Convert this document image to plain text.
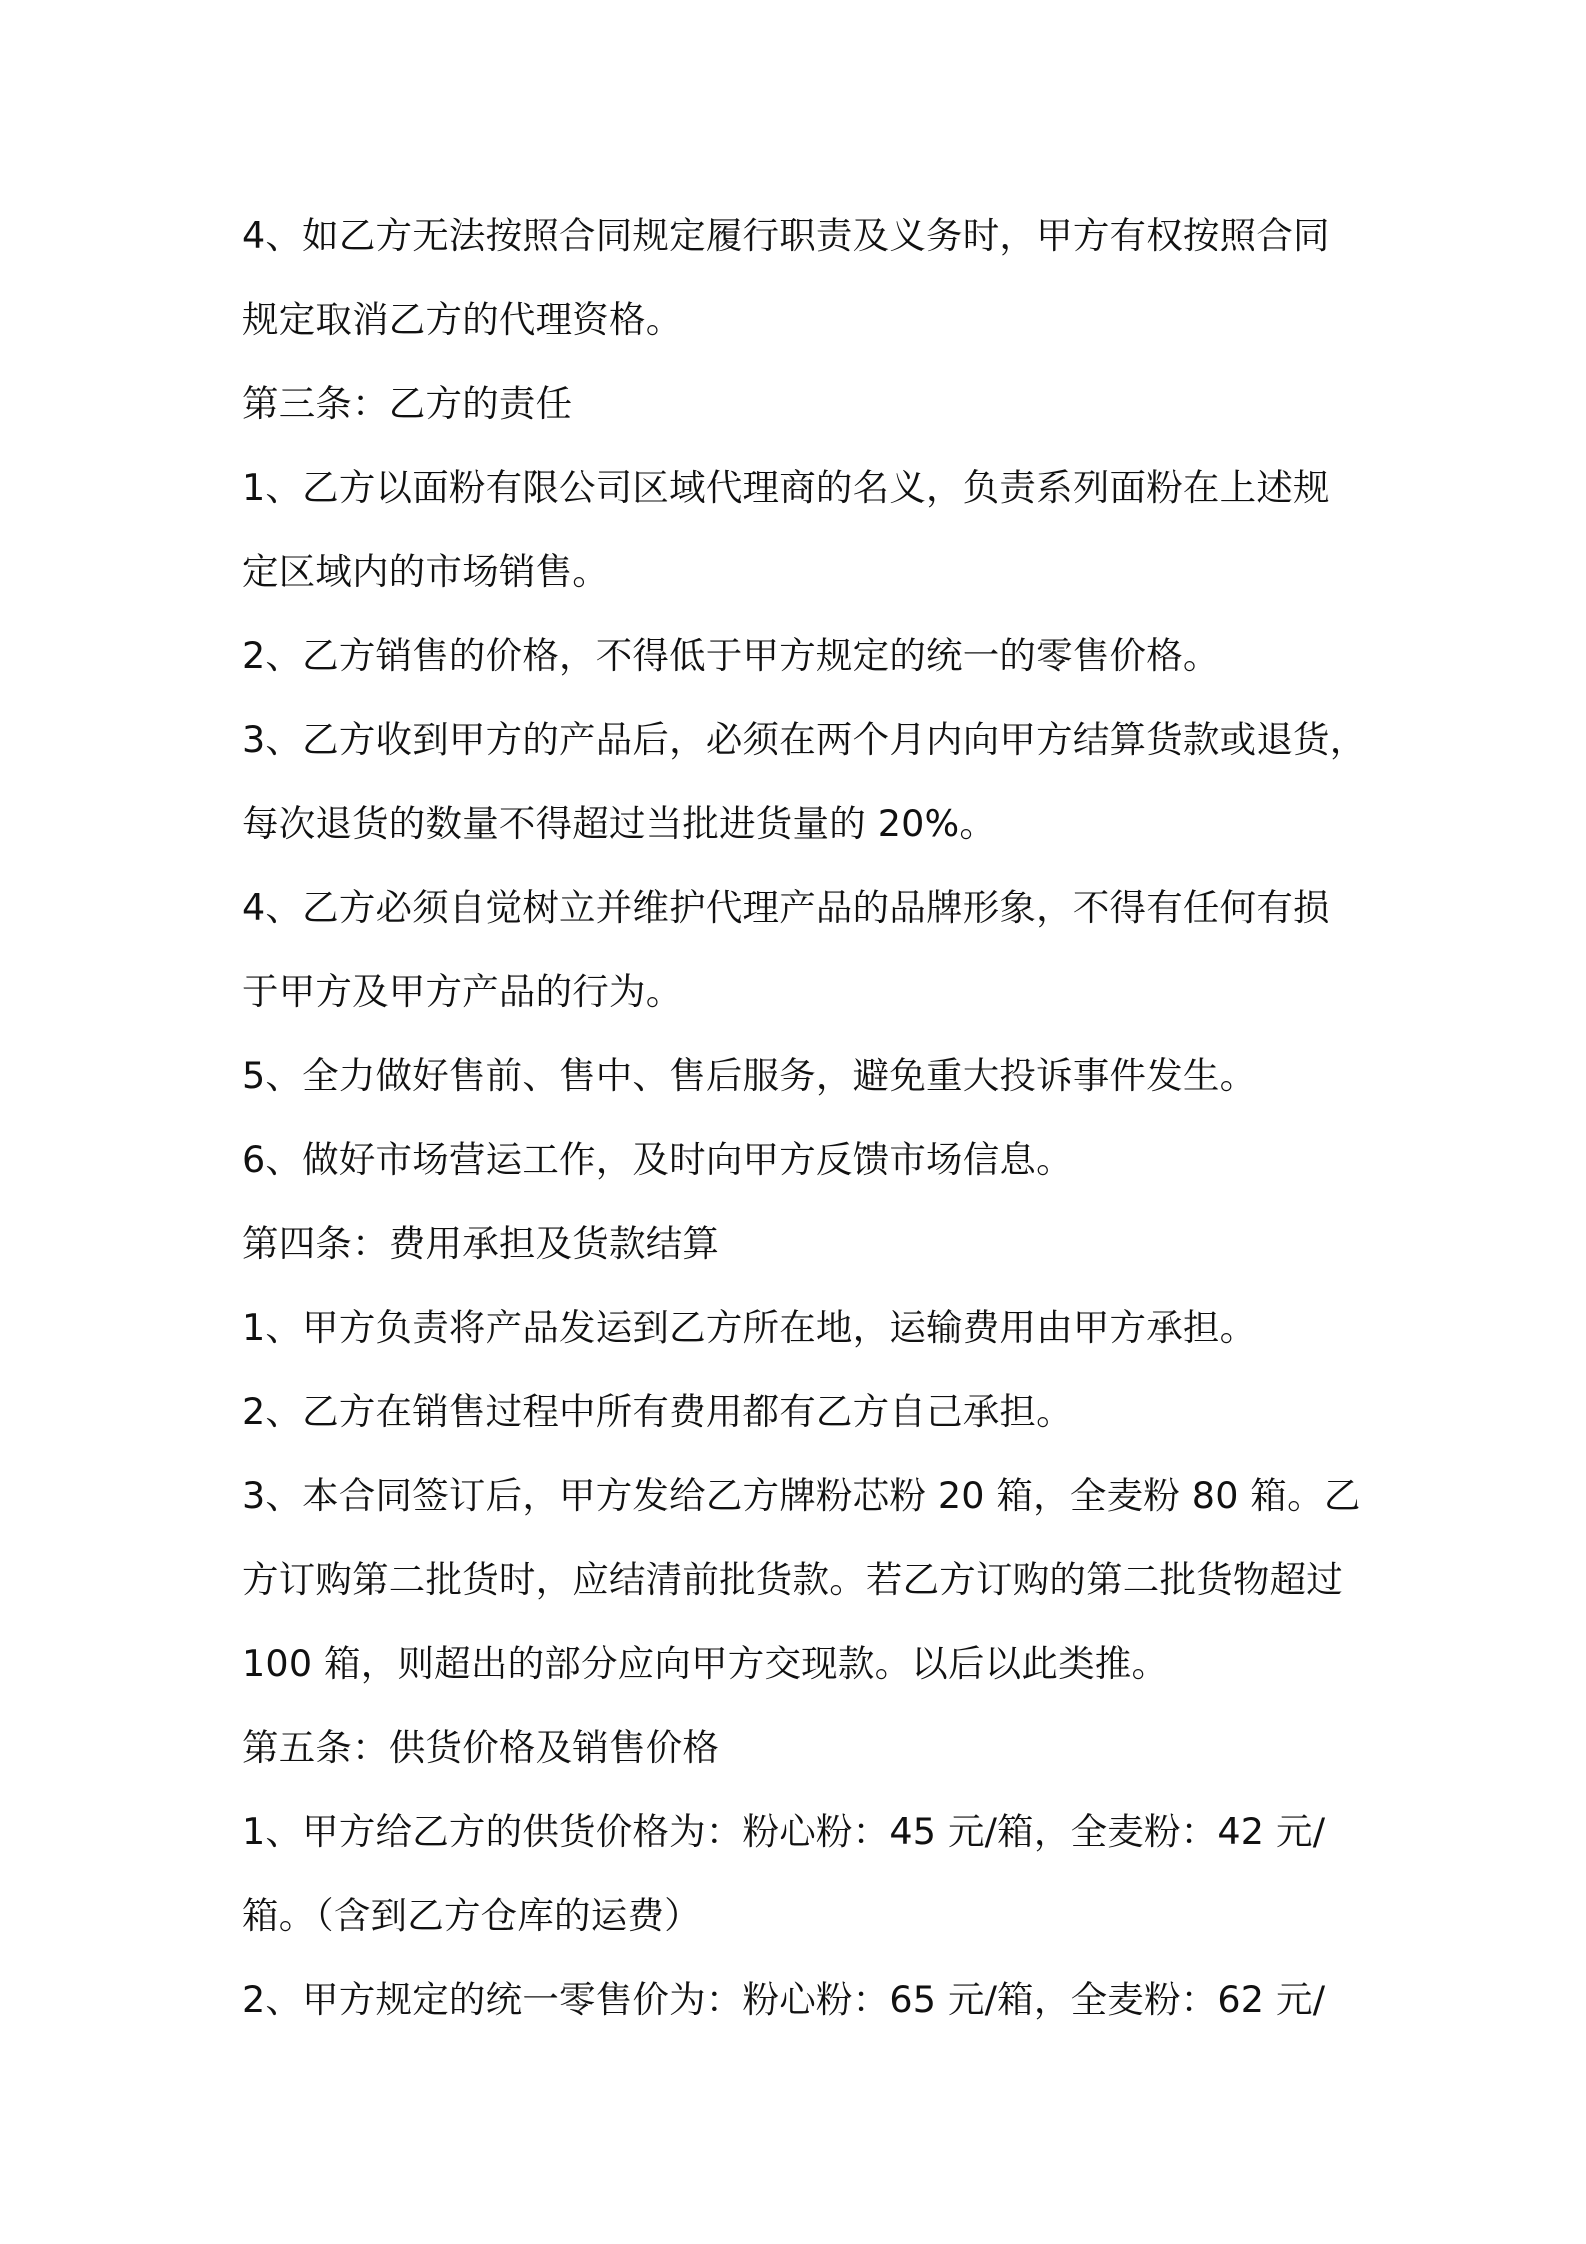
4、如乙方无法按照合同规定履行职责及义务时，甲方有权按照合同
规定取消乙方的代理资格。
第三条：乙方的责任
1、乙方以面粉有限公司区域代理商的名义，负责系列面粉在上述规
定区域内的市场销售。
2、乙方销售的价格，不得低于甲方规定的统一的零售价格。
3、乙方收到甲方的产品后，必须在两个月内向甲方结算货款或退货，
每次退货的数量不得超过当批进货量的 20%。
4、乙方必须自觉树立并维护代理产品的品牌形象，不得有任何有损
于甲方及甲方产品的行为。
5、全力做好售前、售中、售后服务，避免重大投诉事件发生。
6、做好市场营运工作，及时向甲方反馈市场信息。
第四条：费用承担及货款结算
1、甲方负责将产品发运到乙方所在地，运输费用由甲方承担。
2、乙方在销售过程中所有费用都有乙方自己承担。
3、本合同签订后，甲方发给乙方牌粉芯粉 20 箱，全麦粉 80 箱。乙
方订购第二批货时，应结清前批货款。若乙方订购的第二批货物超过
100 箱，则超出的部分应向甲方交现款。以后以此类推。
第五条：供货价格及销售价格
1、甲方给乙方的供货价格为：粉心粉：45 元/箱，全麦粉：42 元/
箱。（含到乙方仓库的运费）
2、甲方规定的统一零售价为：粉心粉：65 元/箱，全麦粉：62 元/
